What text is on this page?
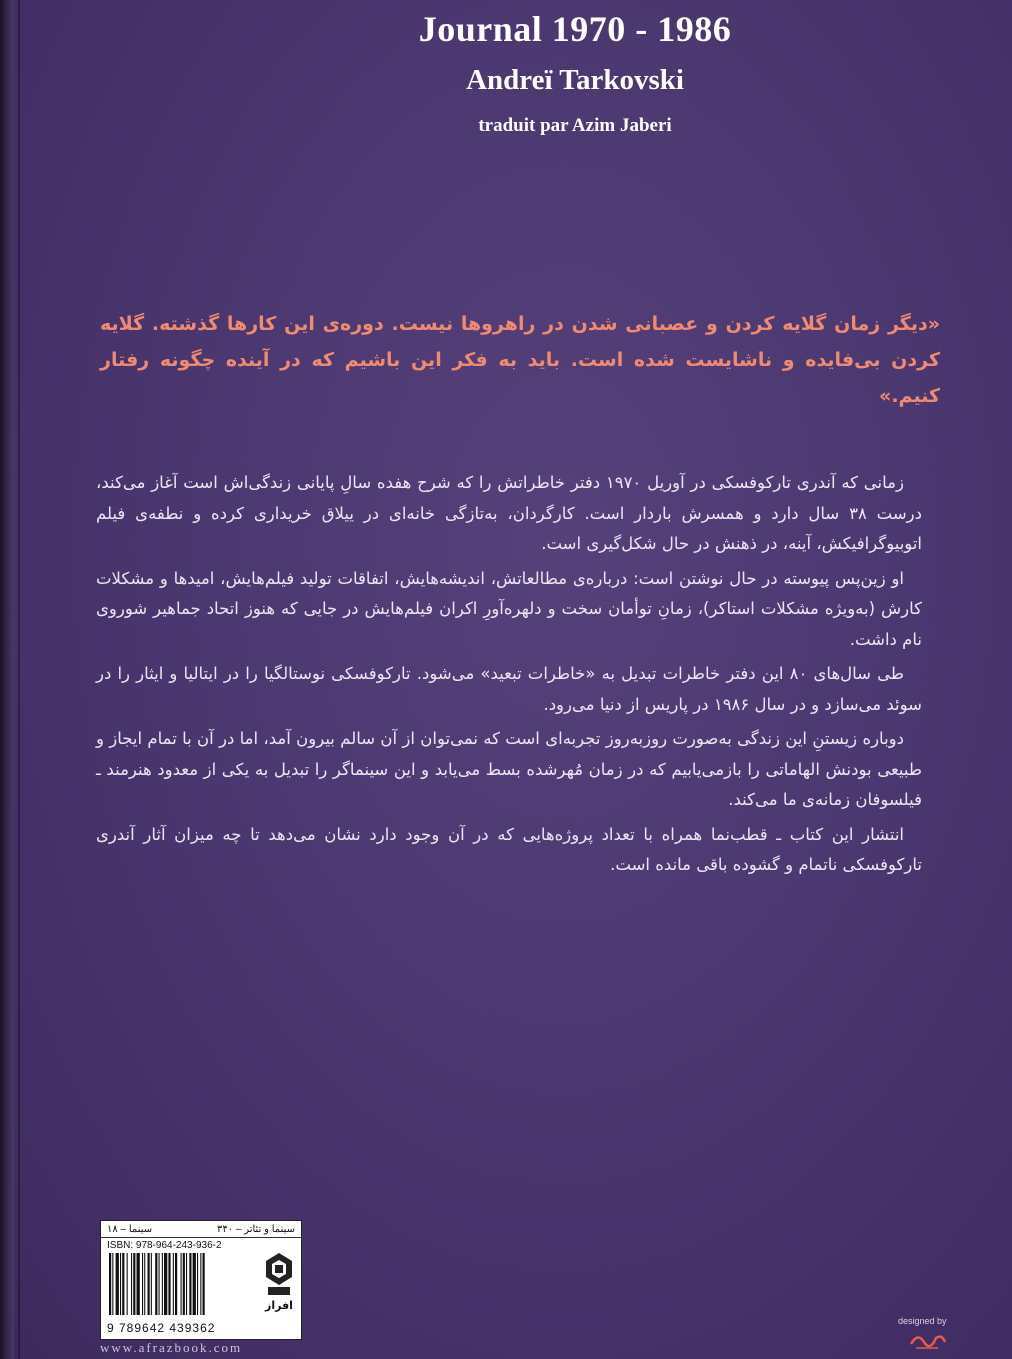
Journal 1970 - 1986
Andreï Tarkovski
traduit par Azim Jaberi

«دیگر زمان گلایه کردن و عصبانی شدن در راهروها نیست. دوره‌ی این کارها گذشته. گلایه کردن بی‌فایده و ناشایست شده است. باید به فکر این باشیم که در آینده چگونه رفتار کنیم.»

زمانی که آندری تارکوفسکی در آوریل ۱۹۷۰ دفتر خاطراتش را که شرح هفده سالِ پایانی زندگی‌اش است آغاز می‌کند، درست ۳۸ سال دارد و همسرش باردار است. کارگردان، به‌تازگی خانه‌ای در ییلاق خریداری کرده و نطفه‌ی فیلم اتوبیوگرافیکش، آینه، در ذهنش در حال شکل‌گیری است.

او زین‌پس پیوسته در حال نوشتن است: درباره‌ی مطالعاتش، اندیشه‌هایش، اتفاقات تولید فیلم‌هایش، امیدها و مشکلات کارش (به‌ویژه مشکلات استاکر)، زمانِ توأمان سخت و دلهره‌آورِ اکران فیلم‌هایش در جایی که هنوز اتحاد جماهیر شوروی نام داشت.

طی سال‌های ۸۰ این دفتر خاطرات تبدیل به «خاطرات تبعید» می‌شود. تارکوفسکی نوستالگیا را در ایتالیا و ایثار را در سوئد می‌سازد و در سال ۱۹۸۶ در پاریس از دنیا می‌رود.

دوباره زیستنِ این زندگی به‌صورت روزبه‌روز تجربه‌ای است که نمی‌توان از آن سالم بیرون آمد، اما در آن با تمام ایجاز و طبیعی بودنش الهاماتی را بازمی‌یابیم که در زمان مُهرشده بسط می‌یابد و این سینماگر را تبدیل به یکی از معدود هنرمند ـ فیلسوفان زمانه‌ی ما می‌کند.

انتشار این کتاب ـ قطب‌نما همراه با تعداد پروژه‌هایی که در آن وجود دارد نشان می‌دهد تا چه میزان آثار آندری تارکوفسکی ناتمام و گشوده باقی مانده است.

سینما و تئاتر – ۳۴۰
سینما – ۱۸
ISBN: 978-964-243-936-2
9 789642 439362
افراز
www.afrazbook.com
designed by
